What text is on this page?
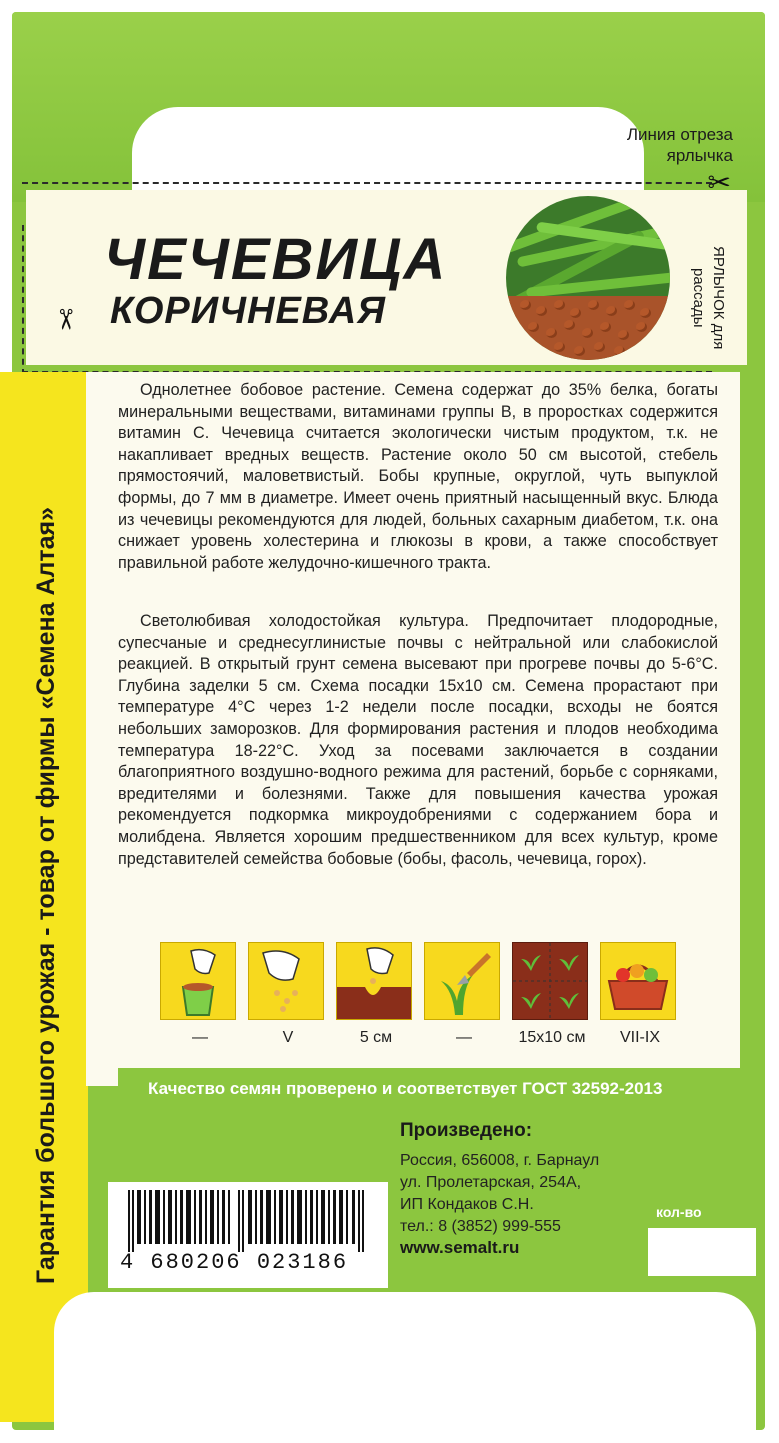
Линия отреза ярлычка
✂
✂
ЧЕЧЕВИЦА
КОРИЧНЕВАЯ	ЯРЛЫЧОК для рассады
Гарантия большого урожая - товар от фирмы «Семена Алтая»

Однолетнее бобовое растение. Семена содержат до 35% белка, богаты минеральными веществами, витаминами группы В, в проростках содержится витамин С. Чечевица считается экологически чистым продуктом, т.к. не накапливает вредных веществ. Растение около 50 см высотой, стебель прямостоячий, маловетвистый. Бобы крупные, округлой, чуть выпуклой формы, до 7 мм в диаметре. Имеет очень приятный насыщенный вкус. Блюда из чечевицы рекомендуются для людей, больных сахарным диабетом, т.к. она снижает уровень холестерина и глюкозы в крови, а также способствует правильной работе желудочно-кишечного тракта.

Светолюбивая холодостойкая культура. Предпочитает плодородные, супесчаные и среднесуглинистые почвы с нейтральной или слабокислой реакцией. В открытый грунт семена высевают при прогреве почвы до 5-6°С. Глубина заделки 5 см. Схема посадки 15х10 см. Семена прорастают при температуре 4°С через 1-2 недели после посадки, всходы не боятся небольших заморозков. Для формирования растения и плодов необходима температура 18-22°С. Уход за посевами заключается в создании благоприятного воздушно-водного режима для растений, борьбе с сорняками, вредителями и болезнями. Также для повышения качества урожая рекомендуется подкормка микроудобрениями с содержанием бора и молибдена. Является хорошим предшественником для всех культур, кроме представителей семейства бобовые (бобы, фасоль, чечевица, горох).

—	V	5 см	—	15х10 см	VII-IX
Качество семян проверено и соответствует ГОСТ 32592-2013
4 680206 023186
Произведено:
Россия, 656008, г. Барнаул
ул. Пролетарская, 254А,
ИП Кондаков С.Н.
тел.: 8 (3852) 999-555
www.semalt.ru
кол-во
